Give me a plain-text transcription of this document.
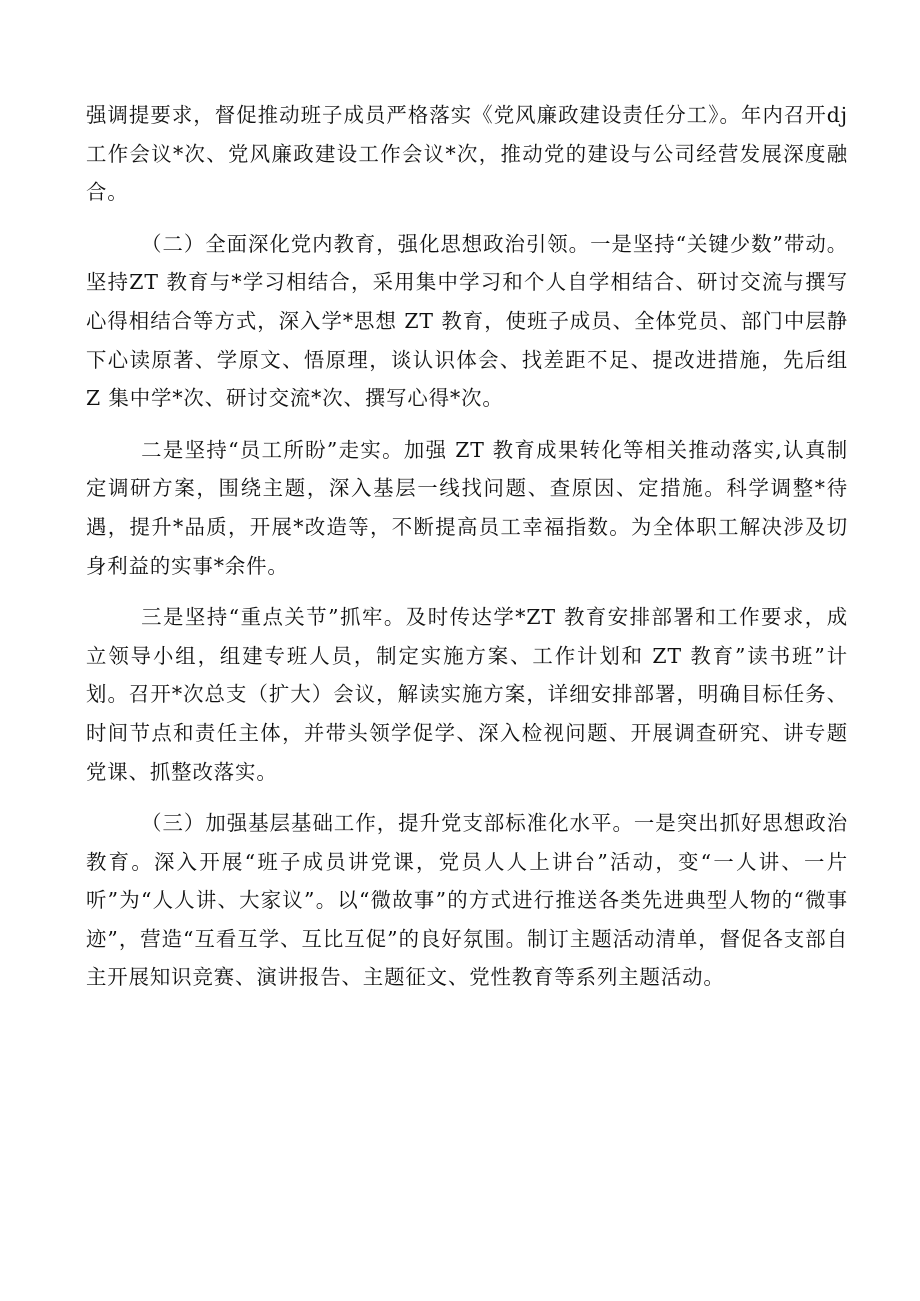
强调提要求，督促推动班子成员严格落实《党风廉政建设责任分工》。年内召开dj 工作会议*次、党风廉政建设工作会议*次，推动党的建设与公司经营发展深度融合。

（二）全面深化党内教育，强化思想政治引领。一是坚持“关键少数”带动。坚持ZT 教育与*学习相结合，采用集中学习和个人自学相结合、研讨交流与撰写心得相结合等方式，深入学*思想 ZT 教育，使班子成员、全体党员、部门中层静下心读原著、学原文、悟原理，谈认识体会、找差距不足、提改进措施，先后组 Z 集中学*次、研讨交流*次、撰写心得*次。

二是坚持“员工所盼”走实。加强 ZT 教育成果转化等相关推动落实,认真制定调研方案，围绕主题，深入基层一线找问题、查原因、定措施。科学调整*待遇，提升*品质，开展*改造等，不断提高员工幸福指数。为全体职工解决涉及切身利益的实事*余件。

三是坚持“重点关节”抓牢。及时传达学*ZT 教育安排部署和工作要求，成立领导小组，组建专班人员，制定实施方案、工作计划和 ZT 教育”读书班”计划。召开*次总支（扩大）会议，解读实施方案，详细安排部署，明确目标任务、时间节点和责任主体，并带头领学促学、深入检视问题、开展调查研究、讲专题党课、抓整改落实。

（三）加强基层基础工作，提升党支部标准化水平。一是突出抓好思想政治教育。深入开展“班子成员讲党课，党员人人上讲台”活动，变“一人讲、一片听”为“人人讲、大家议”。以“微故事”的方式进行推送各类先进典型人物的“微事迹”，营造“互看互学、互比互促”的良好氛围。制订主题活动清单，督促各支部自主开展知识竞赛、演讲报告、主题征文、党性教育等系列主题活动。
